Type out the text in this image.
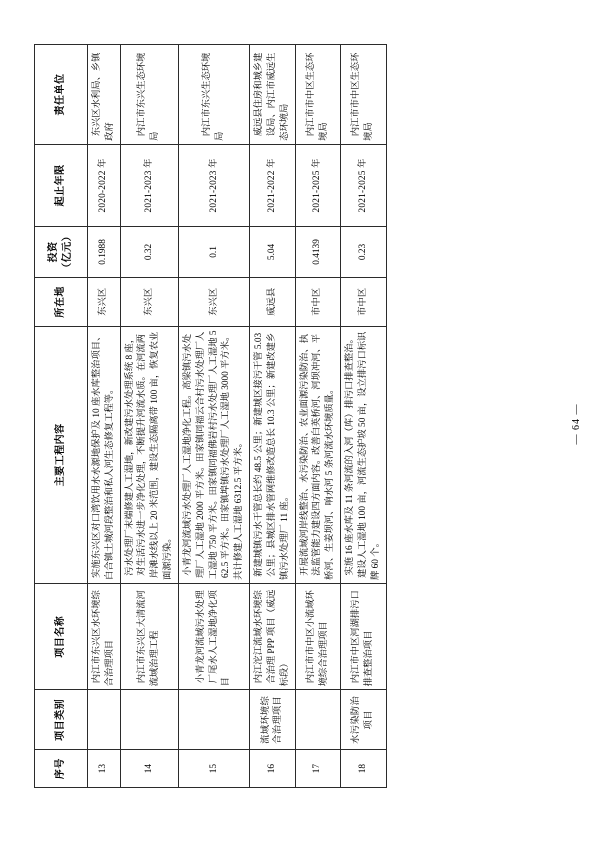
序号	项目类别	项目名称	主要工程内容	所在地	投资 （亿元）	起止年限	责任单位
13		内江市东兴区水环境综合治理项目	实施东兴区对口湾饮用水水源地保护及 10 座水库整治项目、白合镇土城河段整治和私人河生态修复工程等。	东兴区	0.1988	2020-2022 年	东兴区水利局、乡镇政府
14		内江市东兴区大清流河流域治理工程	污水处理厂末端修建人工湿地，新改建污水处理系统 8 座，对生活污水进一步净化处理，不断提升河流水质。在河流两岸滩水线以上 20 米范围，建设生态隔离带 100 亩，恢复农业面源污染。	东兴区	0.32	2021-2023 年	内江市东兴生态环境局
15		小青龙河流域污水处理厂尾水人工湿地净化项目	小青龙河流域污水处理厂人工湿地净化工程。高梁镇污水处理厂人工湿地 2000 平方米。田家镇同福云合村污水处理厂人工湿地 750 平方米。田家镇同福佛岩村污水处理厂人工湿地 562.5 平方米。田家镇埠镇污水处理厂人工湿地 3000 平方米。共计修建人工湿地 6312.5 平方米。	东兴区	0.1	2021-2023 年	内江市东兴生态环境局
16	流域环境综合治理项目	内江沱江流域水环境综合治理 PPP 项目（威远标段）	新建城镇污水干管总长约 48.5 公里；新建城区接污干管 5.03 公里；县城区排水管网维修改造总长 10.3 公里；新建改建乡镇污水处理厂 11 座。	威远县	5.04	2021-2022 年	威远县住房和城乡建设局、内江市威远生态环境局
17		内江市市中区小流域环境综合治理项目	开展流域河岸线整治、水污染防治、农业面源污染防治、执法监管能力建设四方面内容。改善白英桥河、河坝冲河、平桥河、生姜坝河、响水河 5 条河流水环境质量。	市中区	0.4139	2021-2025 年	内江市市中区生态环境局
18	水污染防治项目	内江市中区河湖排污口排查整治项目	实施 16 座水库及 11 条河流的入河（库）排污口排查整治。建设人工湿地 100 亩，河流生态护坡 50 亩，设立排污口标识牌 60 个。	市中区	0.23	2021-2025 年	内江市市中区生态环境局
— 64 —
